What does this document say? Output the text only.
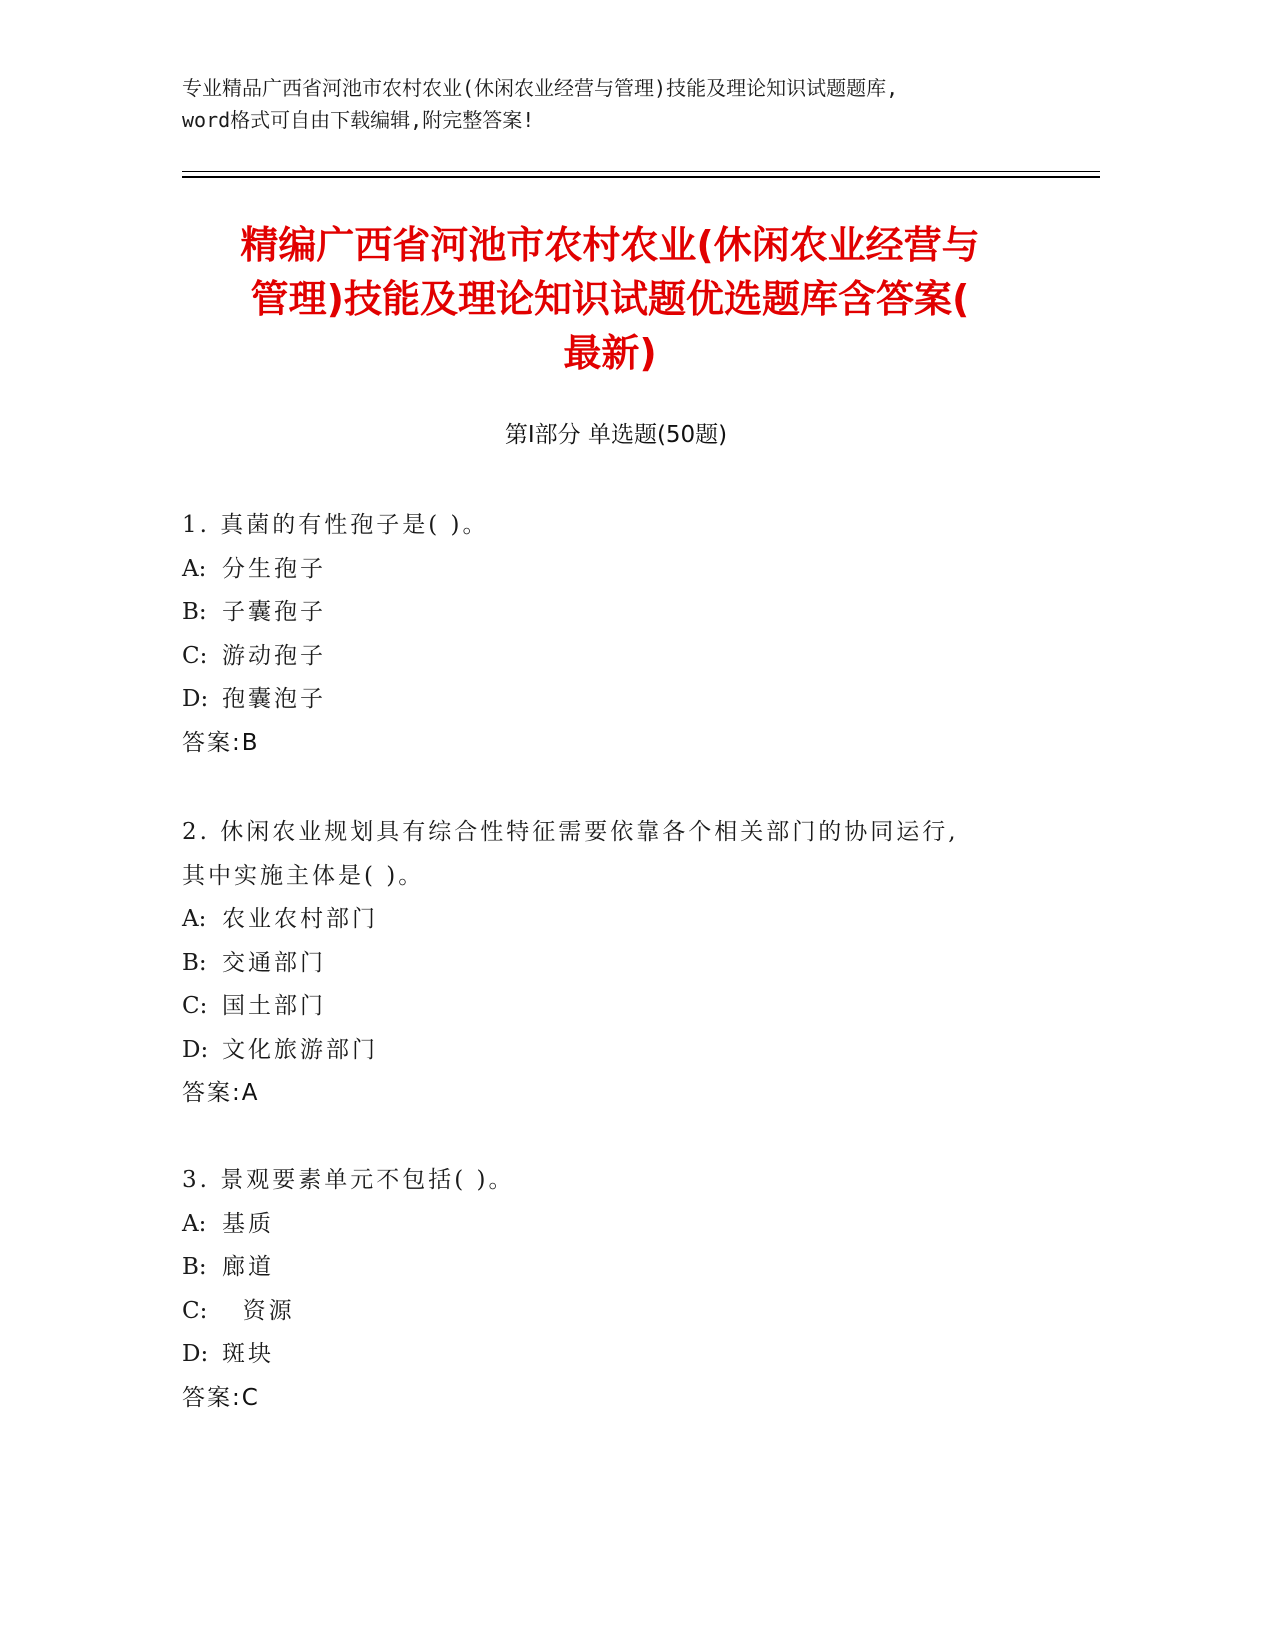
专业精品广西省河池市农村农业(休闲农业经营与管理)技能及理论知识试题题库,
word格式可自由下载编辑,附完整答案!
精编广西省河池市农村农业(休闲农业经营与
管理)技能及理论知识试题优选题库含答案(
最新)
第Ⅰ部分 单选题(50题)
1. 真菌的有性孢子是( )。
A: 分生孢子
B: 子囊孢子
C: 游动孢子
D: 孢囊泡子
答案:B
2. 休闲农业规划具有综合性特征需要依靠各个相关部门的协同运行,
其中实施主体是( )。
A: 农业农村部门
B: 交通部门
C: 国土部门
D: 文化旅游部门
答案:A
3. 景观要素单元不包括( )。
A: 基质
B: 廊道
C:  资源
D: 斑块
答案:C
